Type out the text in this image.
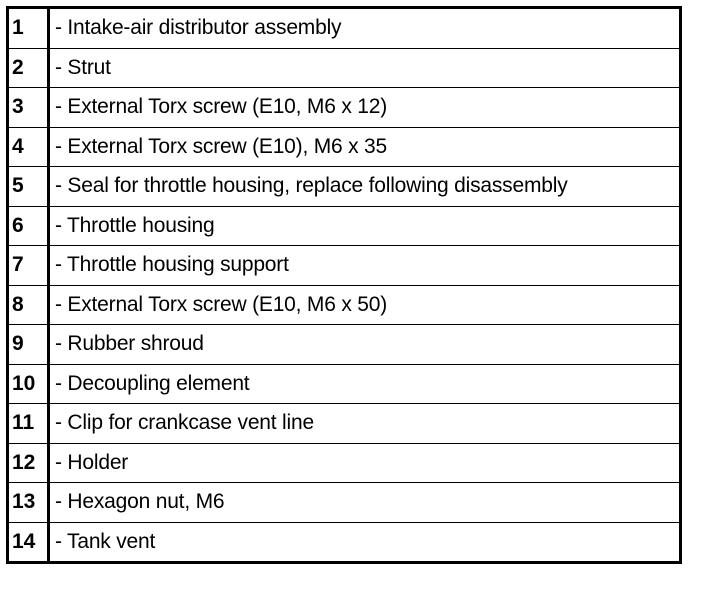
1	- Intake-air distributor assembly
2	- Strut
3	- External Torx screw (E10, M6 x 12)
4	- External Torx screw (E10), M6 x 35
5	- Seal for throttle housing, replace following disassembly
6	- Throttle housing
7	- Throttle housing support
8	- External Torx screw (E10, M6 x 50)
9	- Rubber shroud
10	- Decoupling element
11	- Clip for crankcase vent line
12	- Holder
13	- Hexagon nut, M6
14	- Tank vent
